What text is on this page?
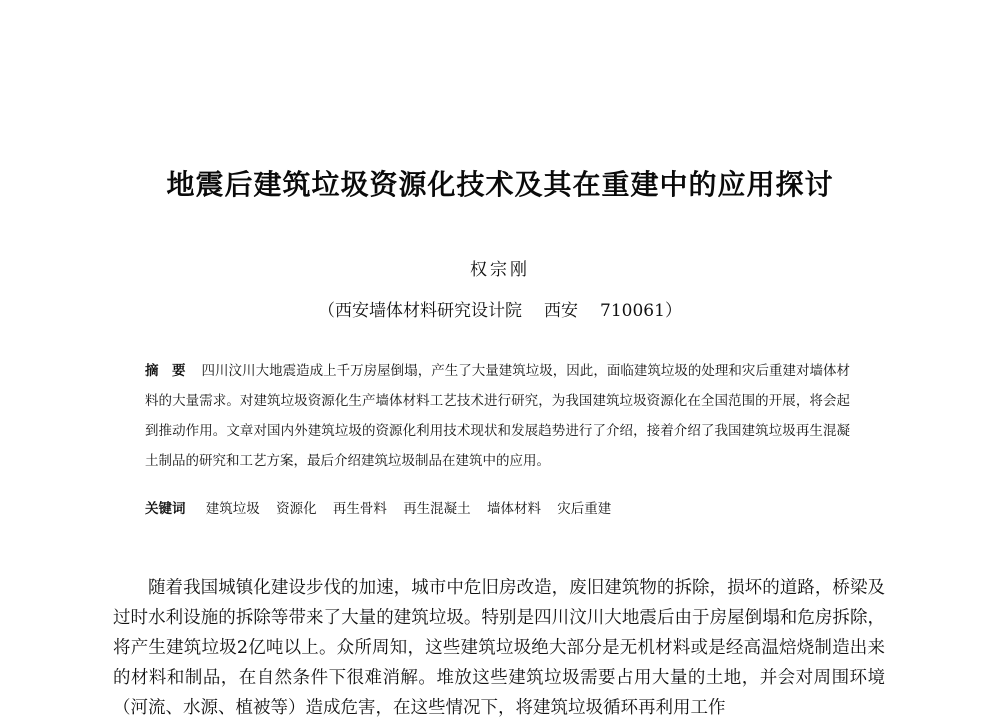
地震后建筑垃圾资源化技术及其在重建中的应用探讨
权宗刚
（西安墙体材料研究设计院 西安 710061）
摘　要 四川汶川大地震造成上千万房屋倒塌，产生了大量建筑垃圾，因此，面临建筑垃圾的处理和灾后重建对墙体材料的大量需求。对建筑垃圾资源化生产墙体材料工艺技术进行研究，为我国建筑垃圾资源化在全国范围的开展，将会起到推动作用。文章对国内外建筑垃圾的资源化利用技术现状和发展趋势进行了介绍，接着介绍了我国建筑垃圾再生混凝土制品的研究和工艺方案，最后介绍建筑垃圾制品在建筑中的应用。
关键词 建筑垃圾 资源化 再生骨料 再生混凝土 墙体材料 灾后重建
随着我国城镇化建设步伐的加速，城市中危旧房改造，废旧建筑物的拆除，损坏的道路，桥梁及过时水利设施的拆除等带来了大量的建筑垃圾。特别是四川汶川大地震后由于房屋倒塌和危房拆除，将产生建筑垃圾2亿吨以上。众所周知，这些建筑垃圾绝大部分是无机材料或是经高温焙烧制造出来的材料和制品，在自然条件下很难消解。堆放这些建筑垃圾需要占用大量的土地，并会对周围环境（河流、水源、植被等）造成危害，在这些情况下，将建筑垃圾循环再利用工作
